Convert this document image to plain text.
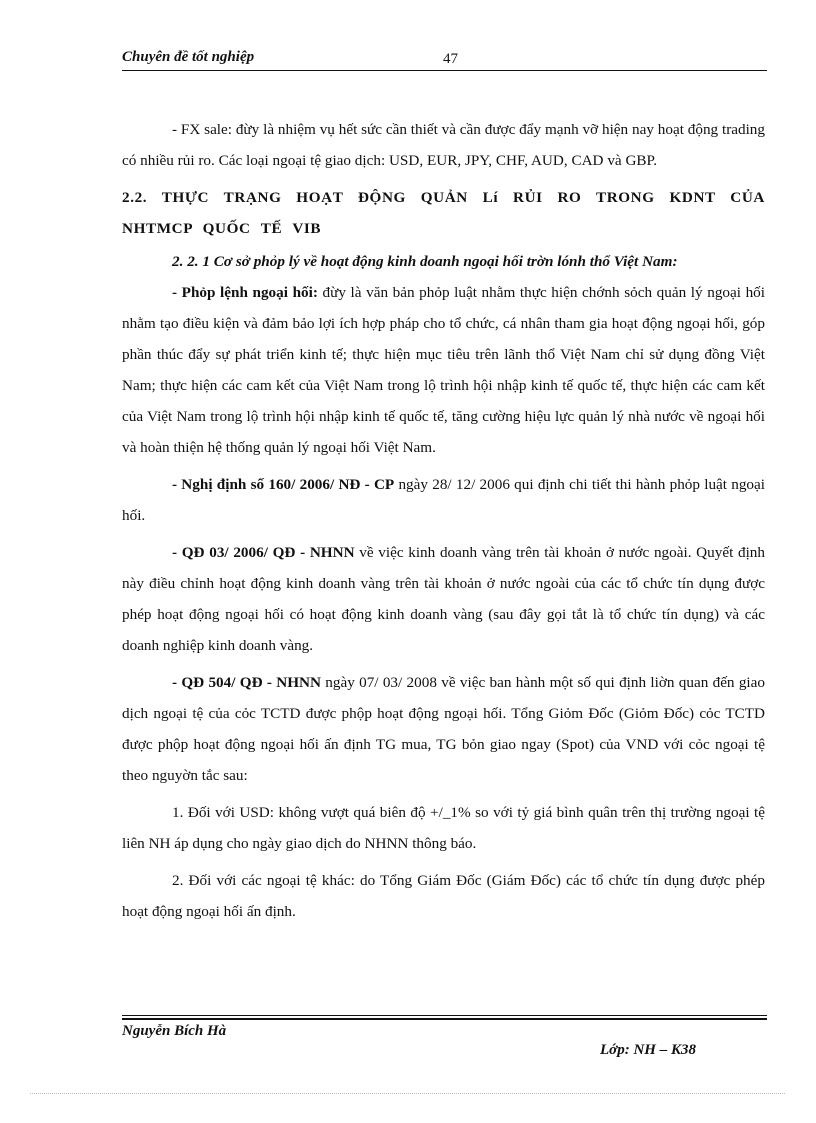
Chuyên đề tốt nghiệp	47

- FX sale: đừy là nhiệm vụ hết sức cần thiết và cần được đẩy mạnh vỡ hiện nay hoạt động trading có nhiều rủi ro. Các loại ngoại tệ giao dịch: USD, EUR, JPY, CHF, AUD, CAD và GBP.

2.2. THỰC TRẠNG HOẠT ĐỘNG QUẢN Lí RỦI RO TRONG KDNT CỦA NHTMCP QUỐC TẾ VIB

2. 2. 1 Cơ sở phỏp lý về hoạt động kinh doanh ngoại hối trờn lónh thổ Việt Nam:

- Phỏp lệnh ngoại hối: đừy là văn bản phỏp luật nhằm thực hiện chớnh sỏch quản lý ngoại hối nhằm tạo điều kiện và đảm bảo lợi ích hợp pháp cho tổ chức, cá nhân tham gia hoạt động ngoại hối, góp phần thúc đẩy sự phát triển kinh tế; thực hiện mục tiêu trên lãnh thổ Việt Nam chỉ sử dụng đồng Việt Nam; thực hiện các cam kết của Việt Nam trong lộ trình hội nhập kinh tế quốc tế, thực hiện các cam kết của Việt Nam trong lộ trình hội nhập kinh tế quốc tế, tăng cường hiệu lực quản lý nhà nước về ngoại hối và hoàn thiện hệ thống quản lý ngoại hối Việt Nam.

- Nghị định số 160/ 2006/ NĐ - CP ngày 28/ 12/ 2006 qui định chi tiết thi hành phỏp luật ngoại hối.

- QĐ 03/ 2006/ QĐ - NHNN về việc kinh doanh vàng trên tài khoản ở nước ngoài. Quyết định này điều chỉnh hoạt động kinh doanh vàng trên tài khoản ở nước ngoài của các tổ chức tín dụng được phép hoạt động ngoại hối có hoạt động kinh doanh vàng (sau đây gọi tắt là tổ chức tín dụng) và các doanh nghiệp kinh doanh vàng.

- QĐ 504/ QĐ - NHNN ngày 07/ 03/ 2008 về việc ban hành một số qui định liờn quan đến giao dịch ngoại tệ của cỏc TCTD được phộp hoạt động ngoại hối. Tổng Giỏm Đốc (Giỏm Đốc) cỏc TCTD được phộp hoạt động ngoại hối ấn định TG mua, TG bỏn giao ngay (Spot) của VND với cỏc ngoại tệ theo nguyờn tắc sau:

1. Đối với USD: không vượt quá biên độ +/_1% so với tỷ giá bình quân trên thị trường ngoại tệ liên NH áp dụng cho ngày giao dịch do NHNN thông báo.

2. Đối với các ngoại tệ khác: do Tổng Giám Đốc (Giám Đốc) các tổ chức tín dụng được phép hoạt động ngoại hối ấn định.

Nguyễn Bích Hà
Lớp: NH – K38
